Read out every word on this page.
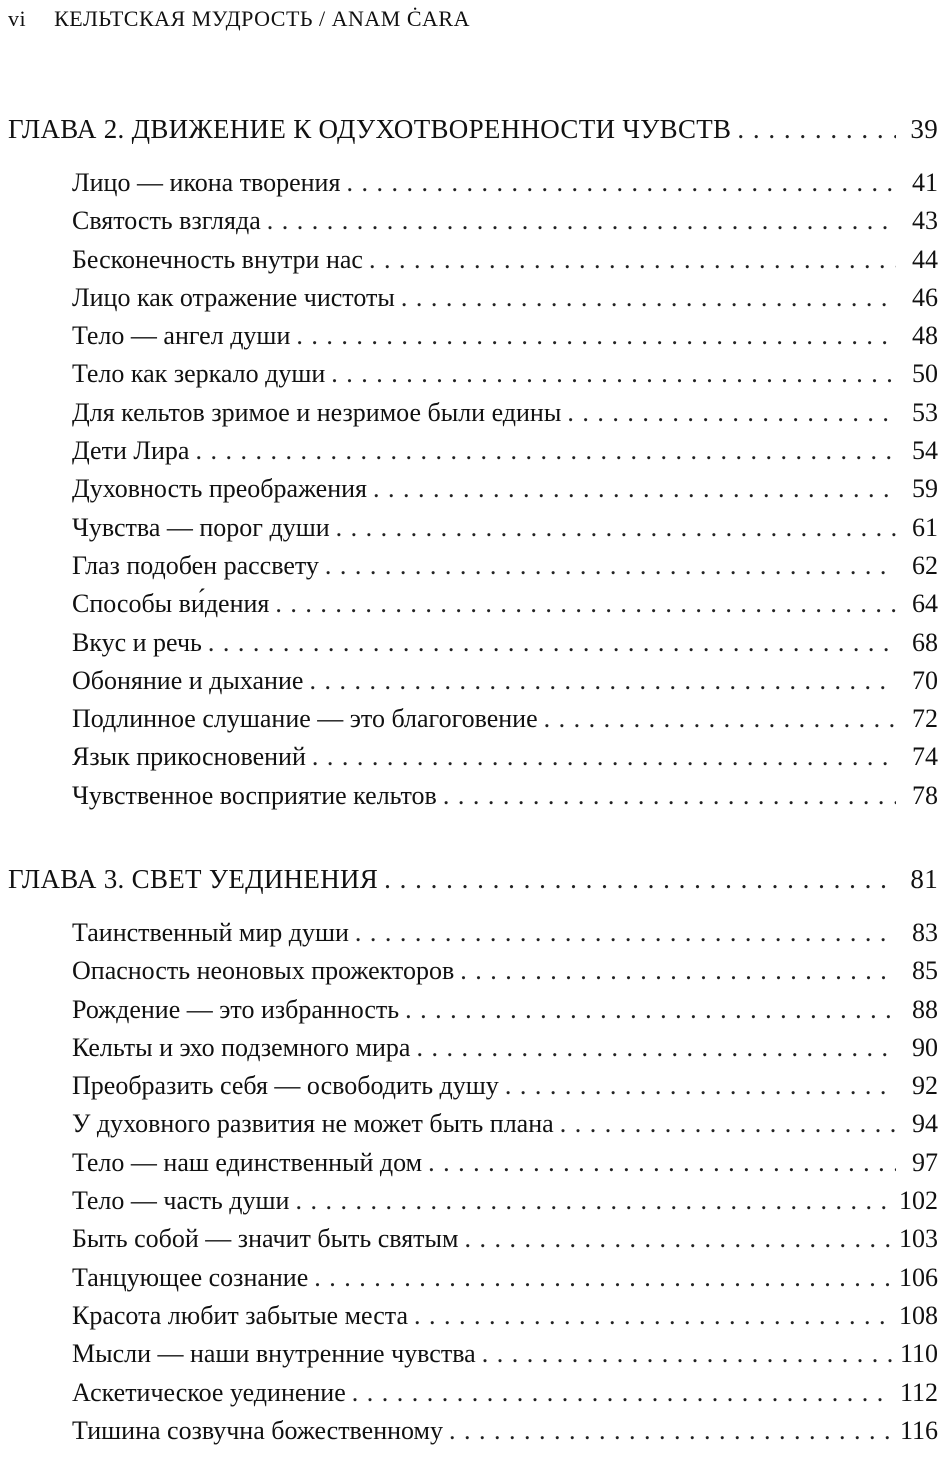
vi КЕЛЬТСКАЯ МУДРОСТЬ / ANAM ĊARA
ГЛАВА 2. ДВИЖЕНИЕ К ОДУХОТВОРЕННОСТИ ЧУВСТВ . . .	39
Лицо — икона творения . . .	41
Святость взгляда . . .	43
Бесконечность внутри нас . . .	44
Лицо как отражение чистоты . . .	46
Тело — ангел души . . .	48
Тело как зеркало души . . .	50
Для кельтов зримое и незримое были едины . . .	53
Дети Лира . . .	54
Духовность преображения . . .	59
Чувства — порог души . . .	61
Глаз подобен рассвету . . .	62
Способы ви́дения . . .	64
Вкус и речь . . .	68
Обоняние и дыхание . . .	70
Подлинное слушание — это благоговение . . .	72
Язык прикосновений . . .	74
Чувственное восприятие кельтов . . .	78
ГЛАВА 3. СВЕТ УЕДИНЕНИЯ . . .	81
Таинственный мир души . . .	83
Опасность неоновых прожекторов . . .	85
Рождение — это избранность . . .	88
Кельты и эхо подземного мира . . .	90
Преобразить себя — освободить душу . . .	92
У духовного развития не может быть плана . . .	94
Тело — наш единственный дом . . .	97
Тело — часть души . . .	102
Быть собой — значит быть святым . . .	103
Танцующее сознание . . .	106
Красота любит забытые места . . .	108
Мысли — наши внутренние чувства . . .	110
Аскетическое уединение . . .	112
Тишина созвучна божественному . . .	116
